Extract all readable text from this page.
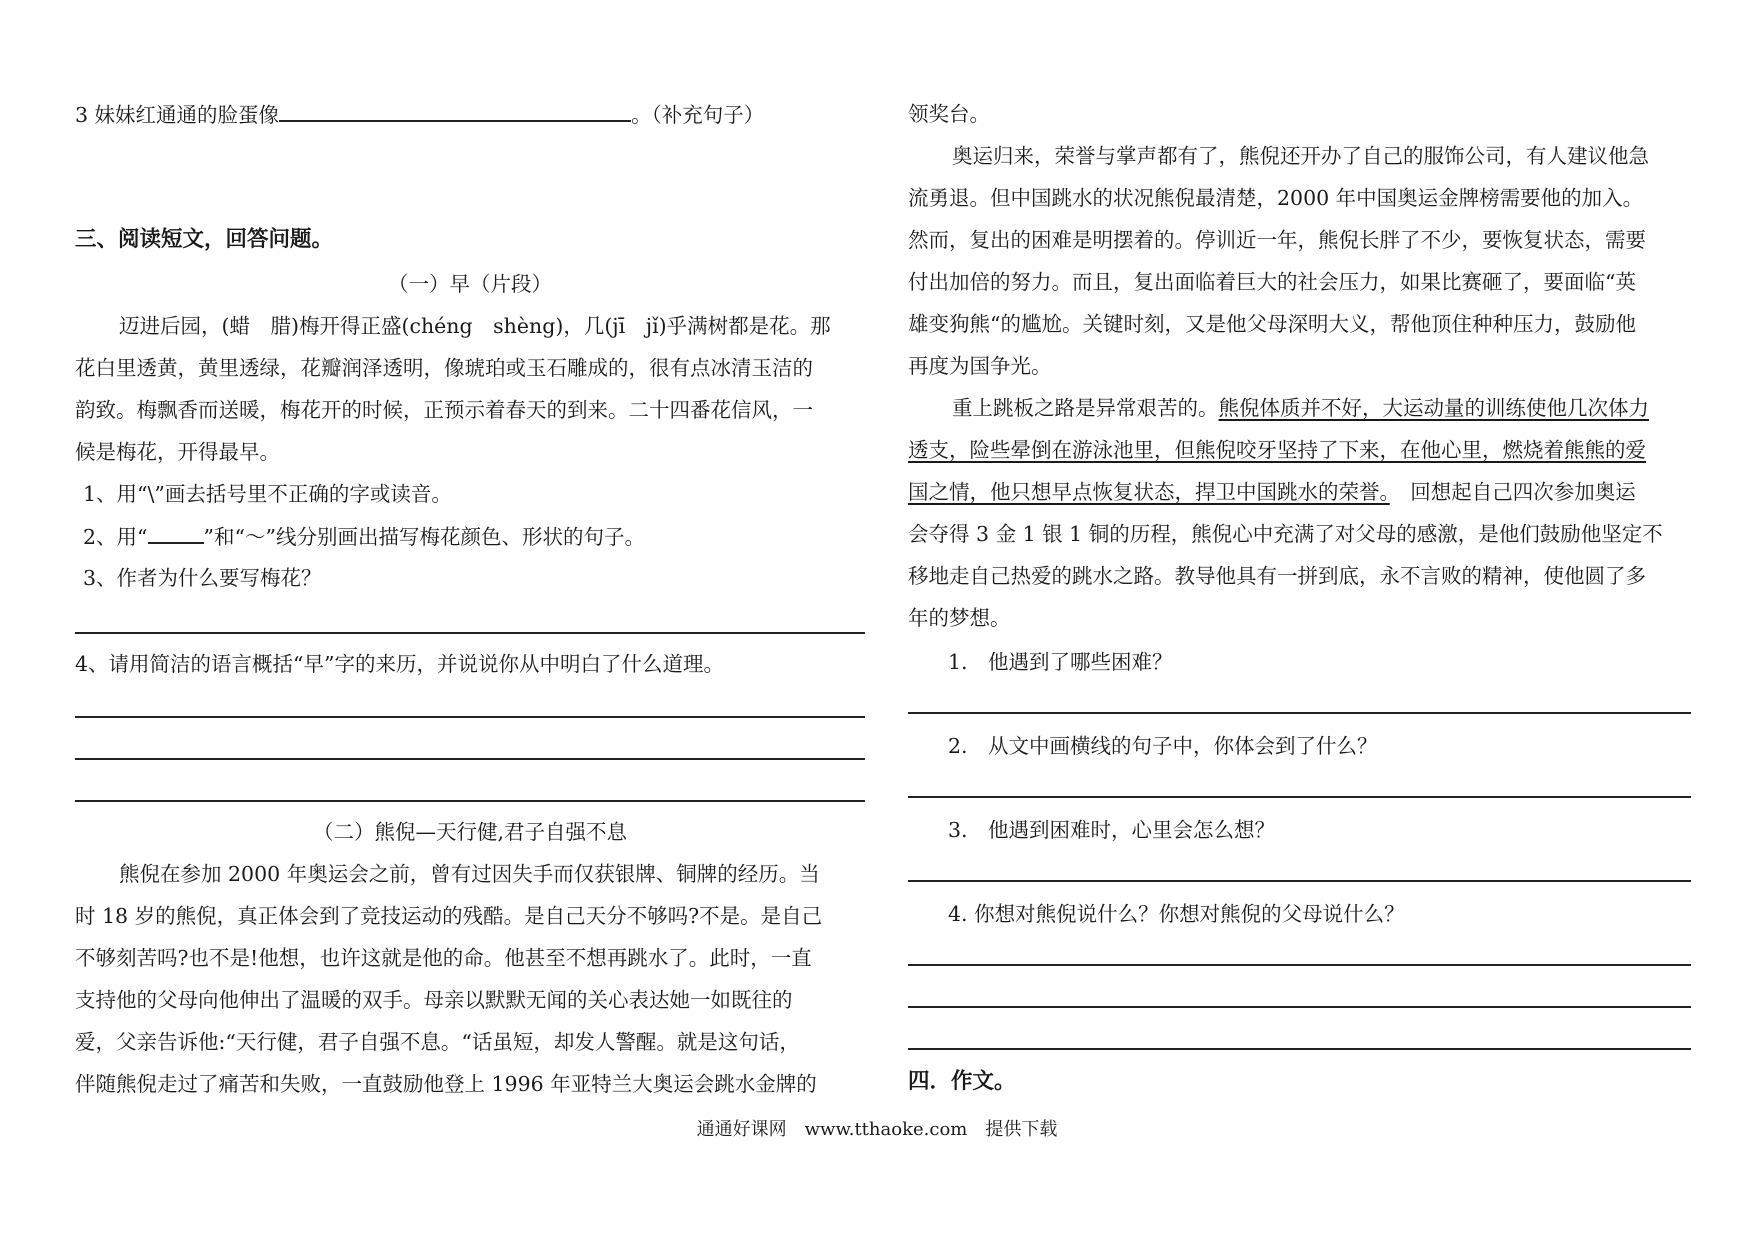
3 妹妹红通通的脸蛋像	。（补充句子）
三、阅读短文，回答问题。
（一）早（片段）
迈进后园，(蜡　腊)梅开得正盛(chéng　shèng)，几(jī　jǐ)乎满树都是花。那
花白里透黄，黄里透绿，花瓣润泽透明，像琥珀或玉石雕成的，很有点冰清玉洁的
韵致。梅飘香而送暖，梅花开的时候，正预示着春天的到来。二十四番花信风，一
候是梅花，开得最早。
1、用“\”画去括号里不正确的字或读音。
2、用“	”和“～”线分别画出描写梅花颜色、形状的句子。
3、作者为什么要写梅花？
4、请用简洁的语言概括“早”字的来历，并说说你从中明白了什么道理。
（二）熊倪—天行健,君子自强不息
熊倪在参加 2000 年奥运会之前，曾有过因失手而仅获银牌、铜牌的经历。当
时 18 岁的熊倪，真正体会到了竞技运动的残酷。是自己天分不够吗?不是。是自己
不够刻苦吗?也不是!他想，也许这就是他的命。他甚至不想再跳水了。此时，一直
支持他的父母向他伸出了温暖的双手。母亲以默默无闻的关心表达她一如既往的
爱，父亲告诉他:“天行健，君子自强不息。“话虽短，却发人警醒。就是这句话，
伴随熊倪走过了痛苦和失败，一直鼓励他登上 1996 年亚特兰大奥运会跳水金牌的
领奖台。
奥运归来，荣誉与掌声都有了，熊倪还开办了自己的服饰公司，有人建议他急
流勇退。但中国跳水的状况熊倪最清楚，2000 年中国奥运金牌榜需要他的加入。
然而，复出的困难是明摆着的。停训近一年，熊倪长胖了不少，要恢复状态，需要
付出加倍的努力。而且，复出面临着巨大的社会压力，如果比赛砸了，要面临“英
雄变狗熊“的尴尬。关键时刻，又是他父母深明大义，帮他顶住种种压力，鼓励他
再度为国争光。
重上跳板之路是异常艰苦的。熊倪体质并不好，大运动量的训练使他几次体力
透支，险些晕倒在游泳池里，但熊倪咬牙坚持了下来，在他心里，燃烧着熊熊的爱
国之情，他只想早点恢复状态，捍卫中国跳水的荣誉。　 回想起自己四次参加奥运
会夺得 3 金 1 银 1 铜的历程，熊倪心中充满了对父母的感激，是他们鼓励他坚定不
移地走自己热爱的跳水之路。教导他具有一拼到底，永不言败的精神，使他圆了多
年的梦想。
1.　他遇到了哪些困难？
2.　从文中画横线的句子中，你体会到了什么？
3.　他遇到困难时，心里会怎么想？
4. 你想对熊倪说什么？你想对熊倪的父母说什么？
四．作文。
通通好课网　www.tthaoke.com　提供下载
